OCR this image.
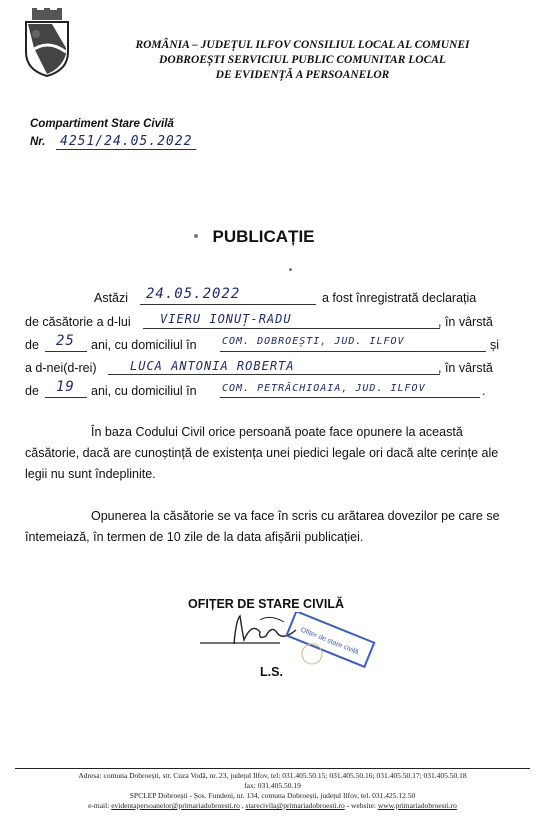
ROMÂNIA – JUDEȚUL ILFOV CONSILIUL LOCAL AL COMUNEI
DOBROEȘTI SERVICIUL PUBLIC COMUNITAR LOCAL
DE EVIDENȚĂ A PERSOANELOR
Compartiment Stare Civilă
Nr. 4251/24.05.2022
PUBLICAȚIE
Astăzi 24.05.2022	a fost înregistrată declarația
de căsătorie a d-lui VIERU IONUȚ-RADU	, în vârstă
de 25 ani, cu domiciliul în	COM. DOBROEȘTI, JUD. ILFOV	și
a d-nei(d-rei)	LUCA ANTONIA ROBERTA	, în vârstă
de 19 ani, cu domiciliul în	COM. PETRĂCHIOAIA, JUD. ILFOV	.
În baza Codului Civil orice persoană poate face opunere la această căsătorie, dacă are cunoștință de existența unei piedici legale ori dacă alte cerințe ale legii nu sunt îndeplinite.
Opunerea la căsătorie se va face în scris cu arătarea dovezilor pe care se întemeiază, în termen de 10 zile de la data afișării publicației.
OFIȚER DE STARE CIVILĂ
Ofițer de stare civilă
L.S.
Adresa: comuna Dobroești, str. Cuza Vodă, nr. 23, județul Ilfov, tel: 031.405.50.15; 031.405.50.16; 031.405.50.17; 031.405.50.18
fax: 031.405.50.19
SPCLEP Dobroești - Șos. Fundeni, nr. 134, comuna Dobroești, județul Ilfov, tel. 031.425.12.50
e-mail: evidentapersoanelor@primariadobroesti.ro , starecivila@primariadobroesti.ro - website: www.primariadobroesti.ro
